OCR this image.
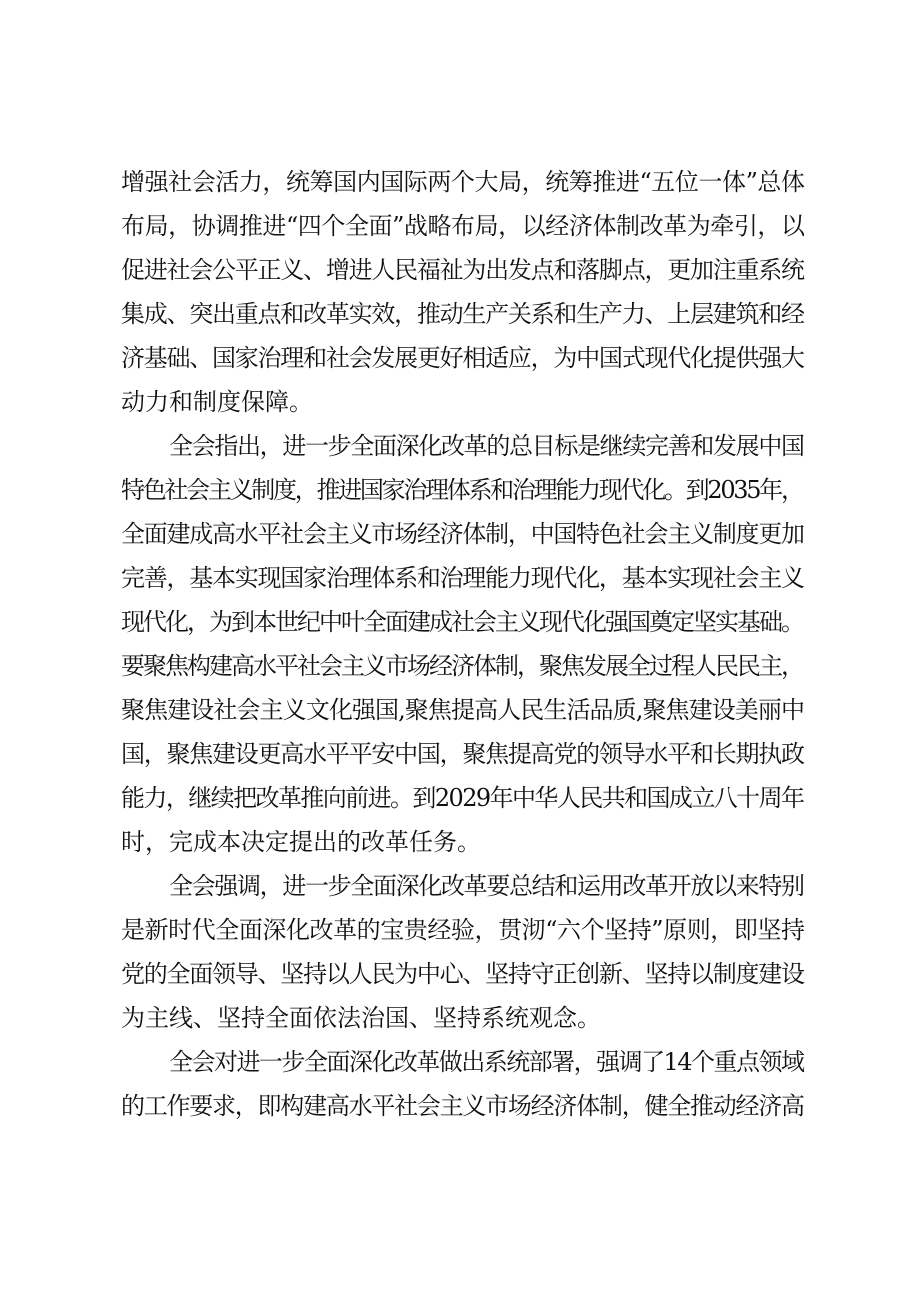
增强社会活力，统筹国内国际两个大局，统筹推进“五位一体”总体
布局，协调推进“四个全面”战略布局，以经济体制改革为牵引，以
促进社会公平正义、增进人民福祉为出发点和落脚点，更加注重系统
集成、突出重点和改革实效，推动生产关系和生产力、上层建筑和经
济基础、国家治理和社会发展更好相适应，为中国式现代化提供强大
动力和制度保障。

全会指出，进一步全面深化改革的总目标是继续完善和发展中国
特色社会主义制度，推进国家治理体系和治理能力现代化。到2035年，
全面建成高水平社会主义市场经济体制，中国特色社会主义制度更加
完善，基本实现国家治理体系和治理能力现代化，基本实现社会主义
现代化，为到本世纪中叶全面建成社会主义现代化强国奠定坚实基础。
要聚焦构建高水平社会主义市场经济体制，聚焦发展全过程人民民主，
聚焦建设社会主义文化强国,聚焦提高人民生活品质,聚焦建设美丽中
国，聚焦建设更高水平平安中国，聚焦提高党的领导水平和长期执政
能力，继续把改革推向前进。到2029年中华人民共和国成立八十周年
时，完成本决定提出的改革任务。

全会强调，进一步全面深化改革要总结和运用改革开放以来特别
是新时代全面深化改革的宝贵经验，贯沏“六个坚持”原则，即坚持
党的全面领导、坚持以人民为中心、坚持守正创新、坚持以制度建设
为主线、坚持全面依法治国、坚持系统观念。

全会对进一步全面深化改革做出系统部署，强调了14个重点领域
的工作要求，即构建高水平社会主义市场经济体制，健全推动经济高
